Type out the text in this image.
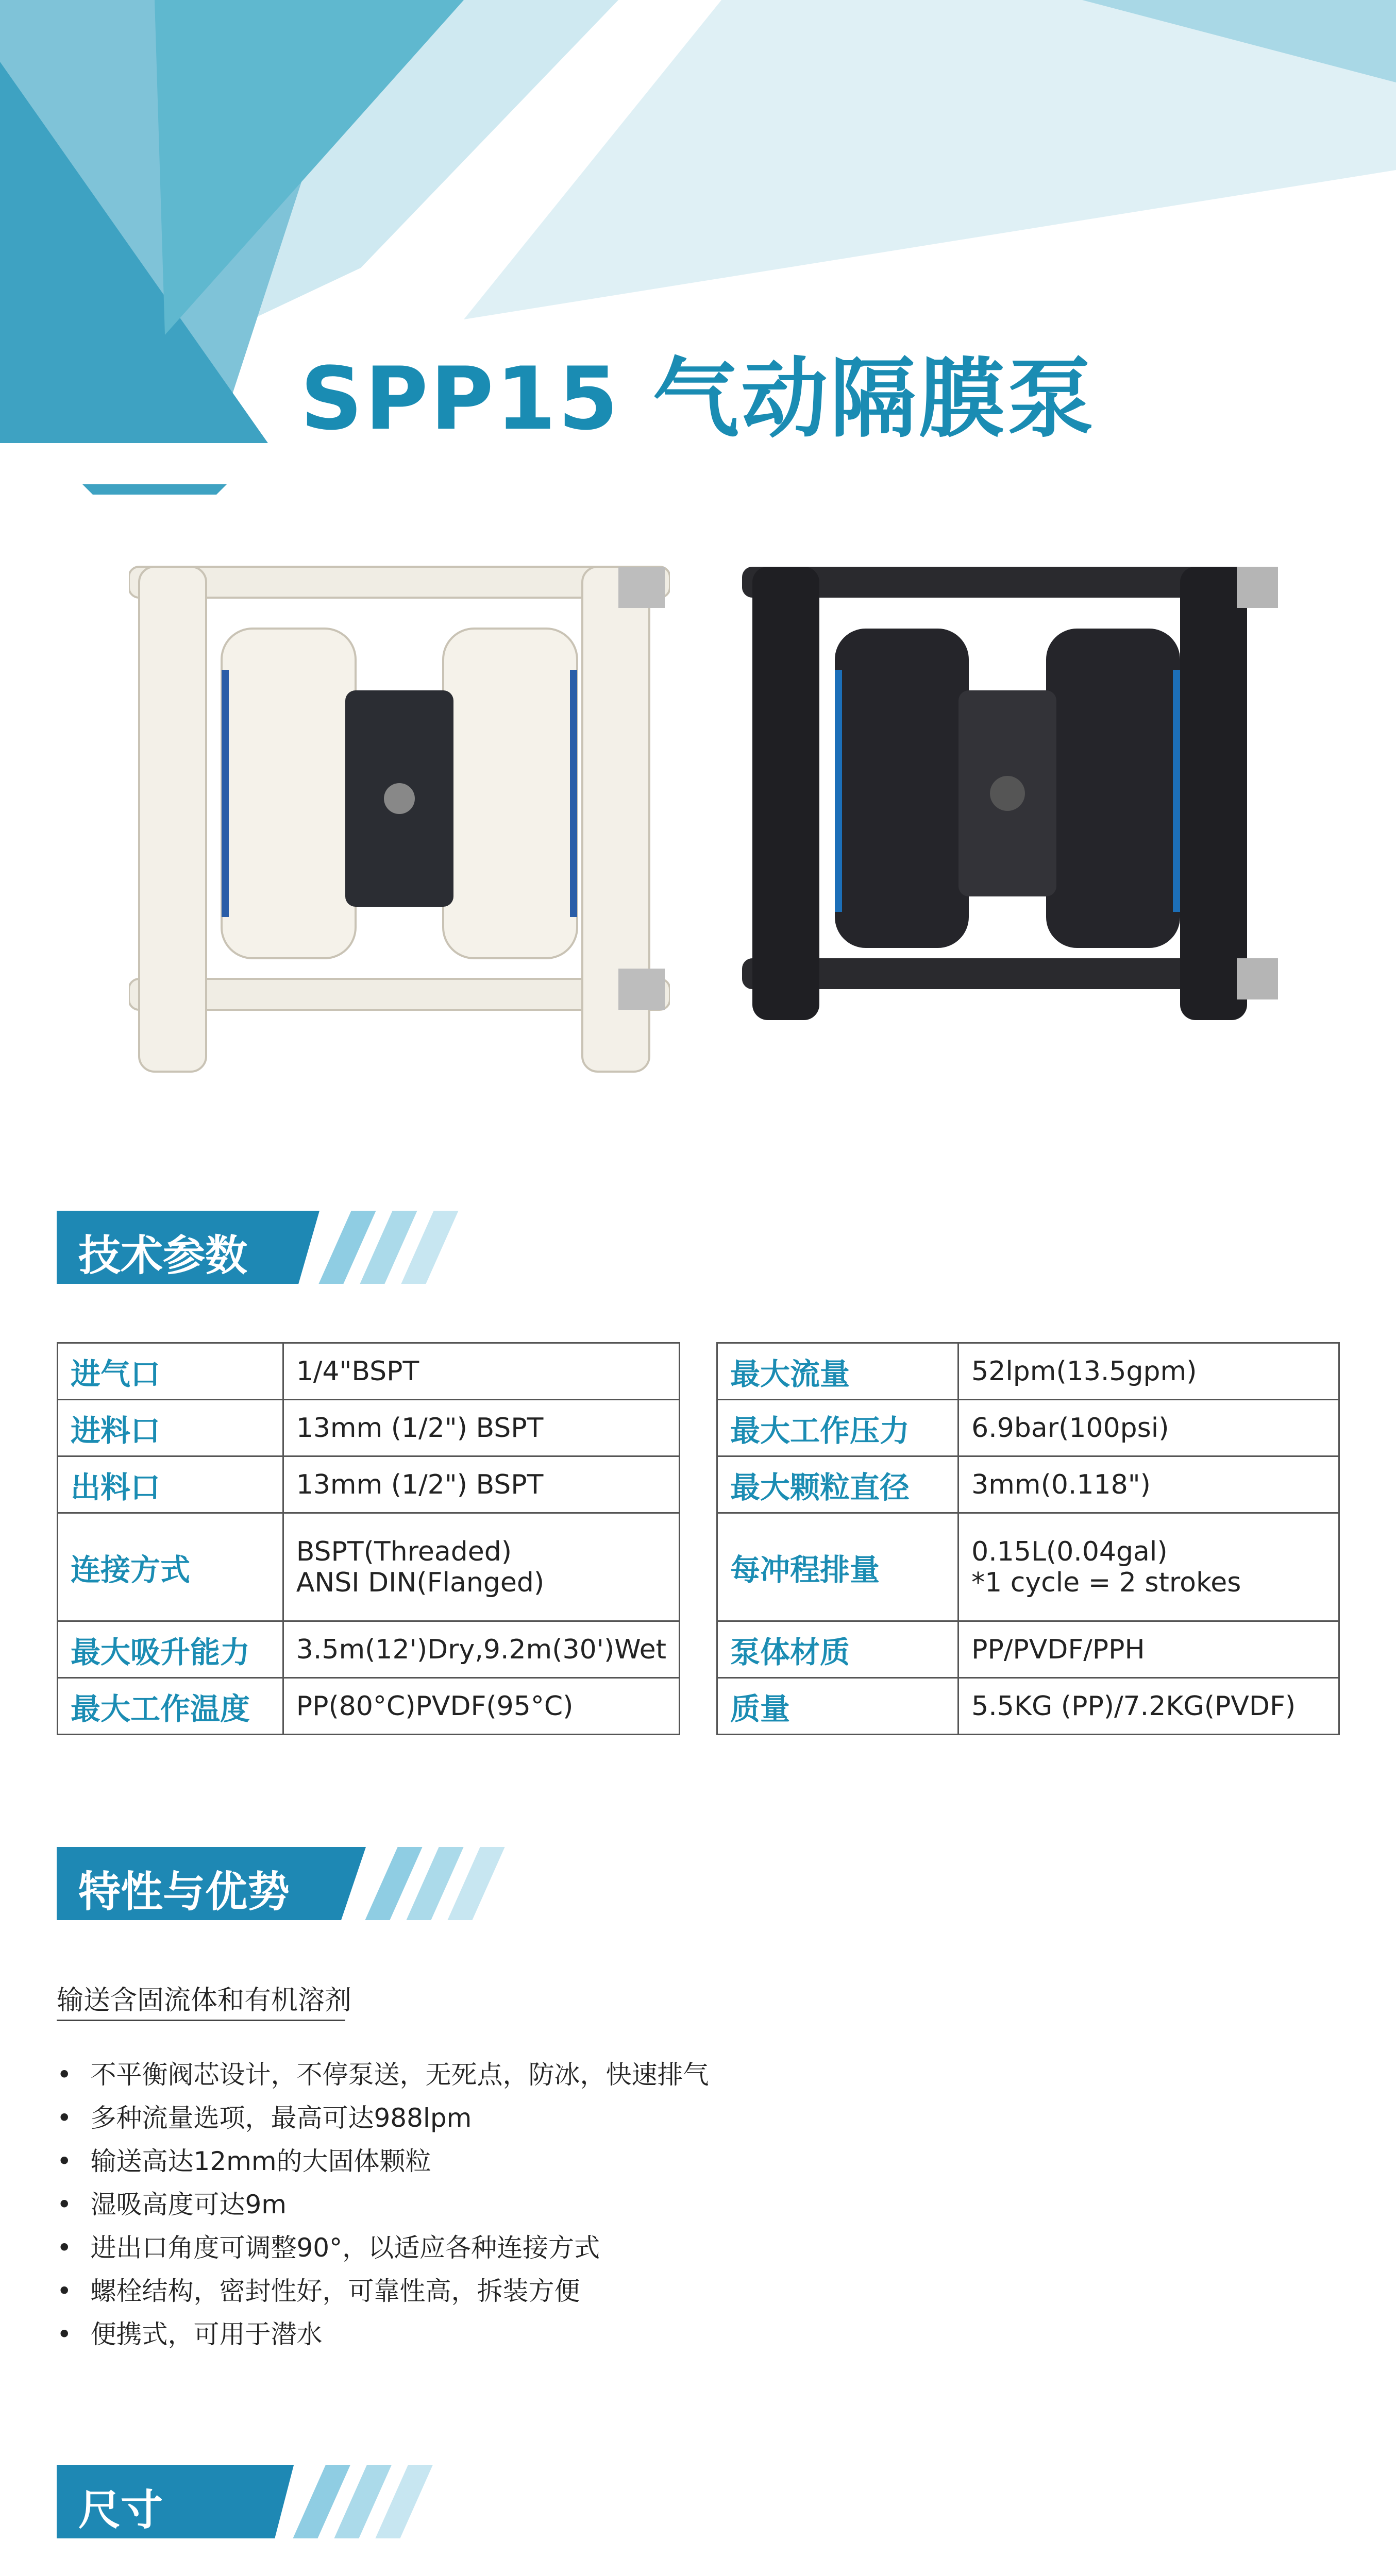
SPP15 气动隔膜泵
技术参数
进气口	1/4"BSPT
进料口	13mm (1/2") BSPT
出料口	13mm (1/2") BSPT
连接方式	BSPT(Threaded)
ANSI DIN(Flanged)

最大吸升能力	3.5m(12')Dry,9.2m(30')Wet
最大工作温度	PP(80°C)PVDF(95°C)
最大流量	52lpm(13.5gpm)
最大工作压力	6.9bar(100psi)
最大颗粒直径	3mm(0.118")
每冲程排量	0.15L(0.04gal)
*1 cycle = 2 strokes

泵体材质	PP/PVDF/PPH
质量	5.5KG (PP)/7.2KG(PVDF)
特性与优势
输送含固流体和有机溶剂
• 不平衡阀芯设计，不停泵送，无死点，防冰，快速排气
• 多种流量选项，最高可达988lpm
• 输送高达12mm的大固体颗粒
• 湿吸高度可达9m
• 进出口角度可调整90°，以适应各种连接方式
• 螺栓结构，密封性好，可靠性高，拆装方便
• 便携式，可用于潜水
尺寸
